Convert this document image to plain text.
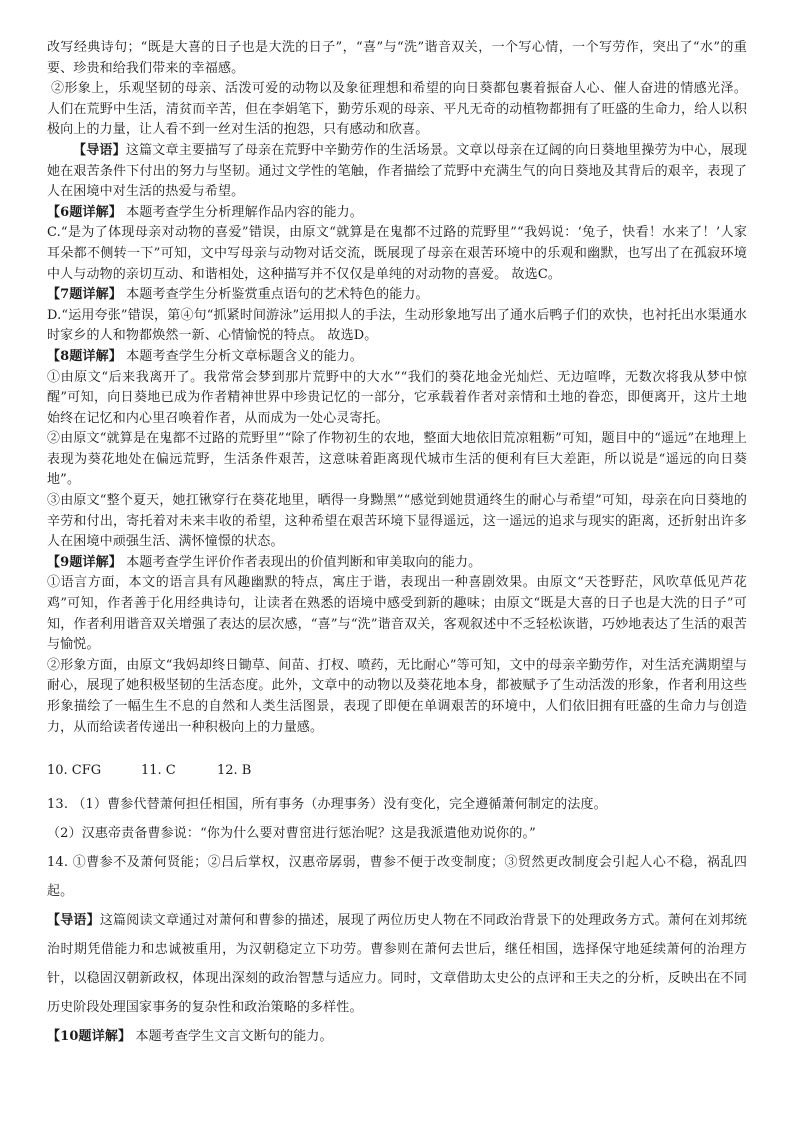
改写经典诗句；“既是大喜的日子也是大洗的日子”，“喜”与“洗”谐音双关，一个写心情，一个写劳作，突出了“水”的重要、珍贵和给我们带来的幸福感。

②形象上，乐观坚韧的母亲、活泼可爱的动物以及象征理想和希望的向日葵都包裹着振奋人心、催人奋进的情感光泽。人们在荒野中生活，清贫而辛苦，但在李娟笔下，勤劳乐观的母亲、平凡无奇的动植物都拥有了旺盛的生命力，给人以积极向上的力量，让人看不到一丝对生活的抱怨，只有感动和欣喜。

【导语】这篇文章主要描写了母亲在荒野中辛勤劳作的生活场景。文章以母亲在辽阔的向日葵地里操劳为中心，展现她在艰苦条件下付出的努力与坚韧。通过文学性的笔触，作者描绘了荒野中充满生气的向日葵地及其背后的艰辛，表现了人在困境中对生活的热爱与希望。

【6题详解】 本题考查学生分析理解作品内容的能力。

C.“是为了体现母亲对动物的喜爱”错误，由原文“就算是在鬼都不过路的荒野里”“我妈说：‘兔子，快看！水来了！’人家耳朵都不侧转一下”可知，文中写母亲与动物对话交流，既展现了母亲在艰苦环境中的乐观和幽默，也写出了在孤寂环境中人与动物的亲切互动、和谐相处，这种描写并不仅仅是单纯的对动物的喜爱。 故选C。

【7题详解】 本题考查学生分析鉴赏重点语句的艺术特色的能力。

D.“运用夸张”错误，第④句“抓紧时间游泳”运用拟人的手法，生动形象地写出了通水后鸭子们的欢快，也衬托出水渠通水时家乡的人和物都焕然一新、心情愉悦的特点。 故选D。

【8题详解】 本题考查学生分析文章标题含义的能力。

①由原文“后来我离开了。我常常会梦到那片荒野中的大水”“我们的葵花地金光灿烂、无边喧哗，无数次将我从梦中惊醒”可知，向日葵地已成为作者精神世界中珍贵记忆的一部分，它承载着作者对亲情和土地的眷恋，即便离开，这片土地始终在记忆和内心里召唤着作者，从而成为一处心灵寄托。

②由原文“就算是在鬼都不过路的荒野里”“除了作物初生的农地，整面大地依旧荒凉粗粝”可知，题目中的“遥远”在地理上表现为葵花地处在偏远荒野，生活条件艰苦，这意味着距离现代城市生活的便利有巨大差距，所以说是“遥远的向日葵地”。

③由原文“整个夏天，她扛锹穿行在葵花地里，晒得一身黝黑”“感觉到她贯通终生的耐心与希望”可知，母亲在向日葵地的辛劳和付出，寄托着对未来丰收的希望，这种希望在艰苦环境下显得遥远，这一遥远的追求与现实的距离，还折射出许多人在困境中顽强生活、满怀憧憬的状态。

【9题详解】 本题考查学生评价作者表现出的价值判断和审美取向的能力。

①语言方面，本文的语言具有风趣幽默的特点，寓庄于谐，表现出一种喜剧效果。由原文“天苍野茫，风吹草低见芦花鸡”可知，作者善于化用经典诗句，让读者在熟悉的语境中感受到新的趣味；由原文“既是大喜的日子也是大洗的日子”可知，作者利用谐音双关增强了表达的层次感，“喜”与“洗”谐音双关，客观叙述中不乏轻松诙谐，巧妙地表达了生活的艰苦与愉悦。

②形象方面，由原文“我妈却终日锄草、间苗、打杈、喷药，无比耐心”等可知，文中的母亲辛勤劳作，对生活充满期望与耐心，展现了她积极坚韧的生活态度。此外，文章中的动物以及葵花地本身，都被赋予了生动活泼的形象，作者利用这些形象描绘了一幅生生不息的自然和人类生活图景，表现了即便在单调艰苦的环境中，人们依旧拥有旺盛的生命力与创造力，从而给读者传递出一种积极向上的力量感。

10. CFG	11. C	12. B

13. （1）曹参代替萧何担任相国，所有事务（办理事务）没有变化，完全遵循萧何制定的法度。

（2）汉惠帝责备曹参说：“你为什么要对曹窋进行惩治呢？这是我派遣他劝说你的。”

14. ①曹参不及萧何贤能；②吕后掌权，汉惠帝孱弱，曹参不便于改变制度；③贸然更改制度会引起人心不稳，祸乱四起。

【导语】这篇阅读文章通过对萧何和曹参的描述，展现了两位历史人物在不同政治背景下的处理政务方式。萧何在刘邦统治时期凭借能力和忠诚被重用，为汉朝稳定立下功劳。曹参则在萧何去世后，继任相国，选择保守地延续萧何的治理方针，以稳固汉朝新政权，体现出深刻的政治智慧与适应力。同时，文章借助太史公的点评和王夫之的分析，反映出在不同历史阶段处理国家事务的复杂性和政治策略的多样性。

【10题详解】 本题考查学生文言文断句的能力。
